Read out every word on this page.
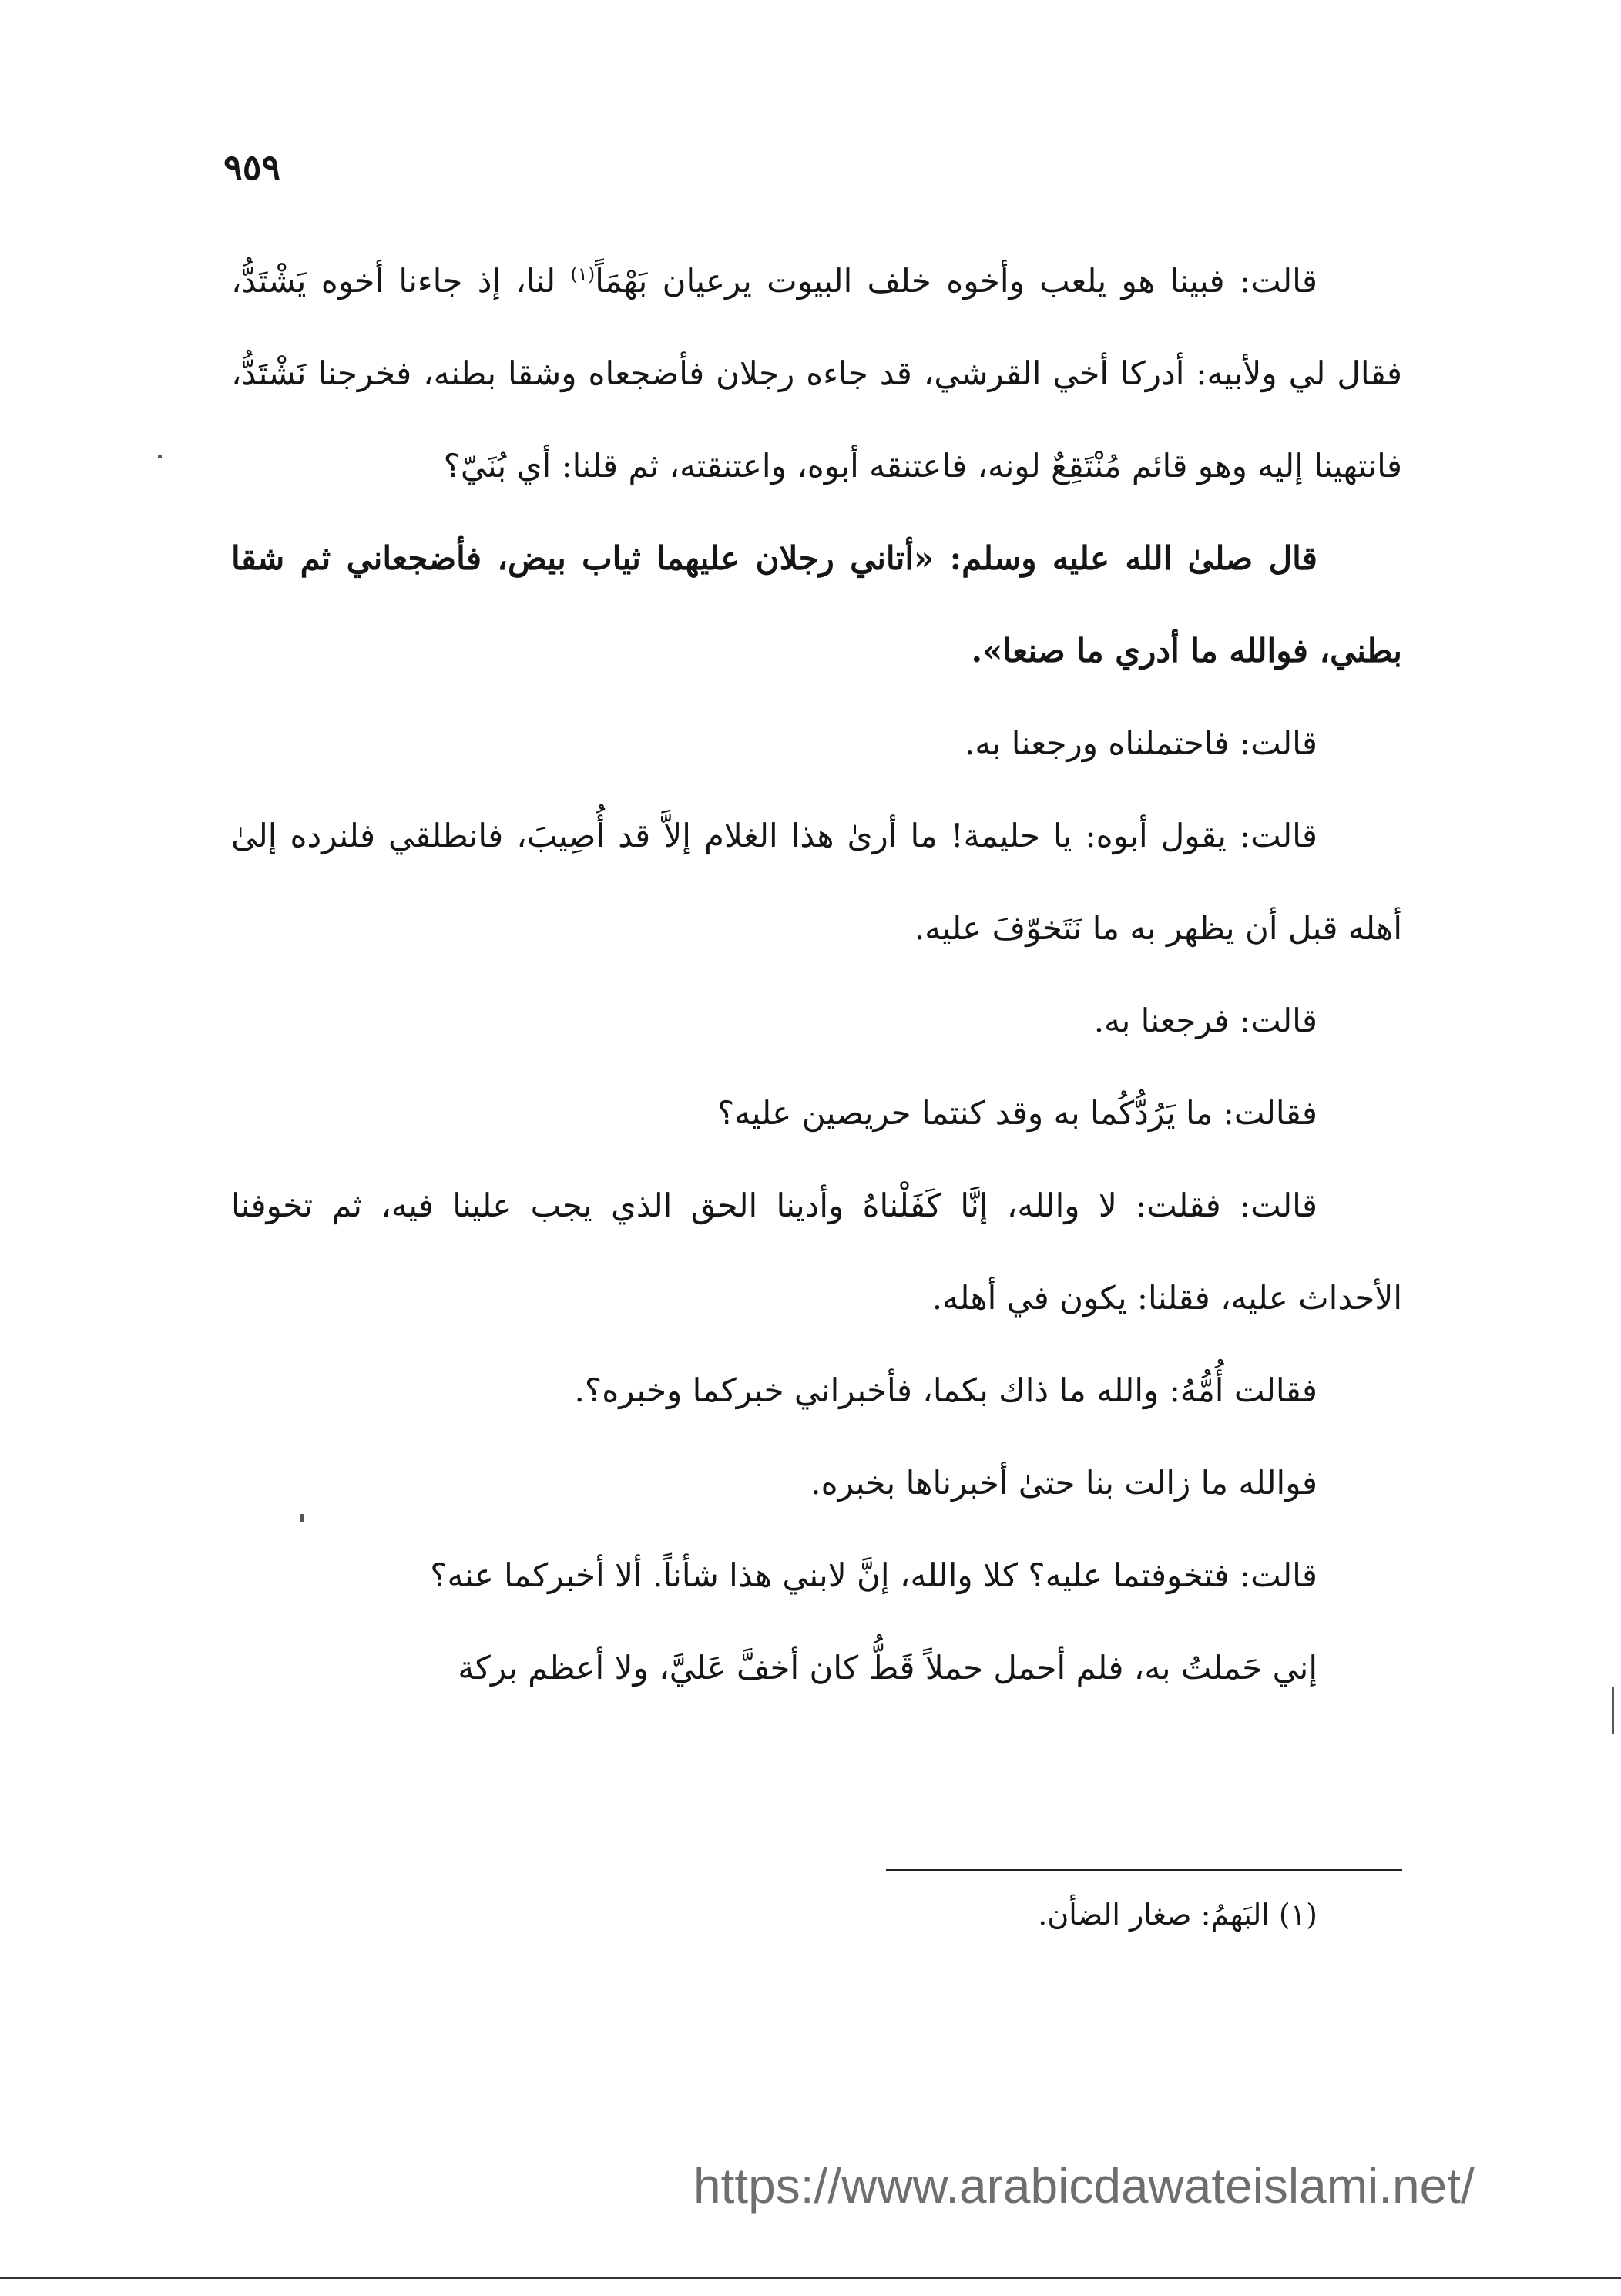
٩٥٩

قالت: فبينا هو يلعب وأخوه خلف البيوت يرعيان بَهْمَاً$^{(١)}$ لنا، إذ جاءنا أخوه يَشْتَدُّ، فقال لي ولأبيه: أدركا أخي القرشي، قد جاءه رجلان فأضجعاه وشقا بطنه، فخرجنا نَشْتَدُّ، فانتهينا إليه وهو قائم مُنْتَقِعٌ لونه، فاعتنقه أبوه، واعتنقته، ثم قلنا: أي بُنَيّ؟

قال صلىٰ الله عليه وسلم: «أتاني رجلان عليهما ثياب بيض، فأضجعاني ثم شقا بطني، فوالله ما أدري ما صنعا».

قالت: فاحتملناه ورجعنا به.

قالت: يقول أبوه: يا حليمة! ما أرىٰ هذا الغلام إلاَّ قد أُصِيبَ، فانطلقي فلنرده إلىٰ أهله قبل أن يظهر به ما نَتَخوّفَ عليه.

قالت: فرجعنا به.

فقالت: ما يَرُدُّكُما به وقد كنتما حريصين عليه؟

قالت: فقلت: لا والله، إنَّا كَفَلْناهُ وأدينا الحق الذي يجب علينا فيه، ثم تخوفنا الأحداث عليه، فقلنا: يكون في أهله.

فقالت أُمُّهُ: والله ما ذاك بكما، فأخبراني خبركما وخبره؟.

فوالله ما زالت بنا حتىٰ أخبرناها بخبره.

قالت: فتخوفتما عليه؟ كلا والله، إنَّ لابني هذا شأناً. ألا أخبركما عنه؟

إني حَملتُ به، فلم أحمل حملاً قَطُّ كان أخفَّ عَليَّ، ولا أعظم بركة

(١) البَهمُ: صغار الضأن.
https://www.arabicdawateislami.net/
